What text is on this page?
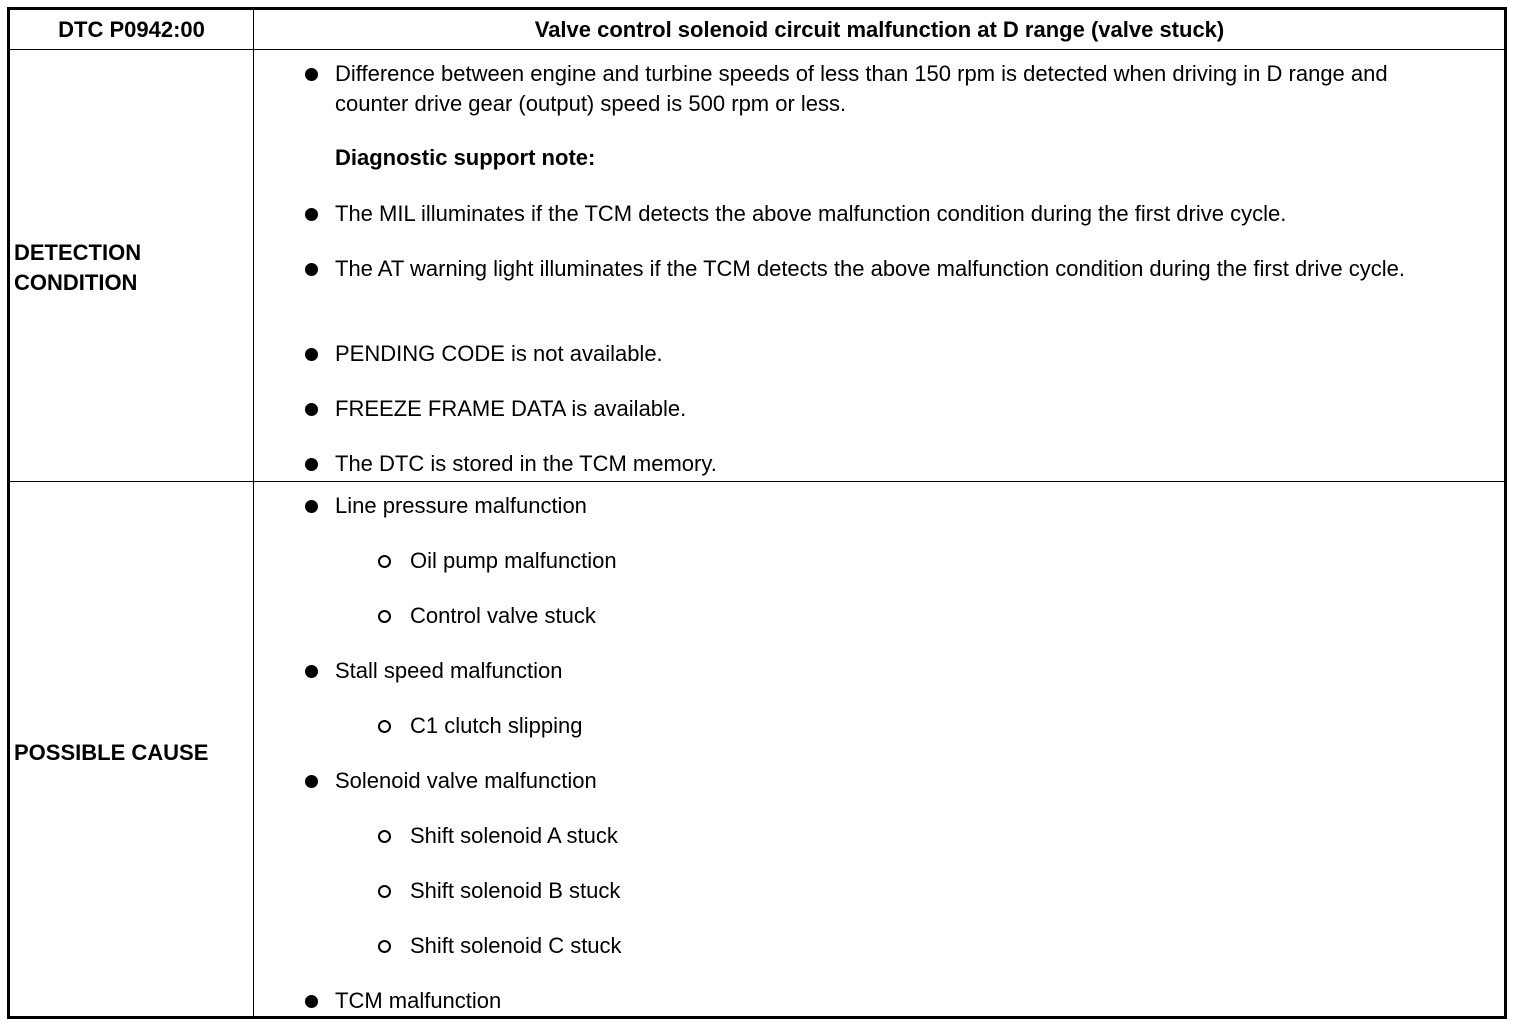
DTC P0942:00	Valve control solenoid circuit malfunction at D range (valve stuck)
DETECTION
CONDITION
Difference between engine and turbine speeds of less than 150 rpm is detected when driving in D range and counter drive gear (output) speed is 500 rpm or less.
Diagnostic support note:
The MIL illuminates if the TCM detects the above malfunction condition during the first drive cycle.
The AT warning light illuminates if the TCM detects the above malfunction condition during the first drive cycle.
PENDING CODE is not available.
FREEZE FRAME DATA is available.
The DTC is stored in the TCM memory.
POSSIBLE CAUSE
Line pressure malfunction
Oil pump malfunction
Control valve stuck
Stall speed malfunction
C1 clutch slipping
Solenoid valve malfunction
Shift solenoid A stuck
Shift solenoid B stuck
Shift solenoid C stuck
TCM malfunction
